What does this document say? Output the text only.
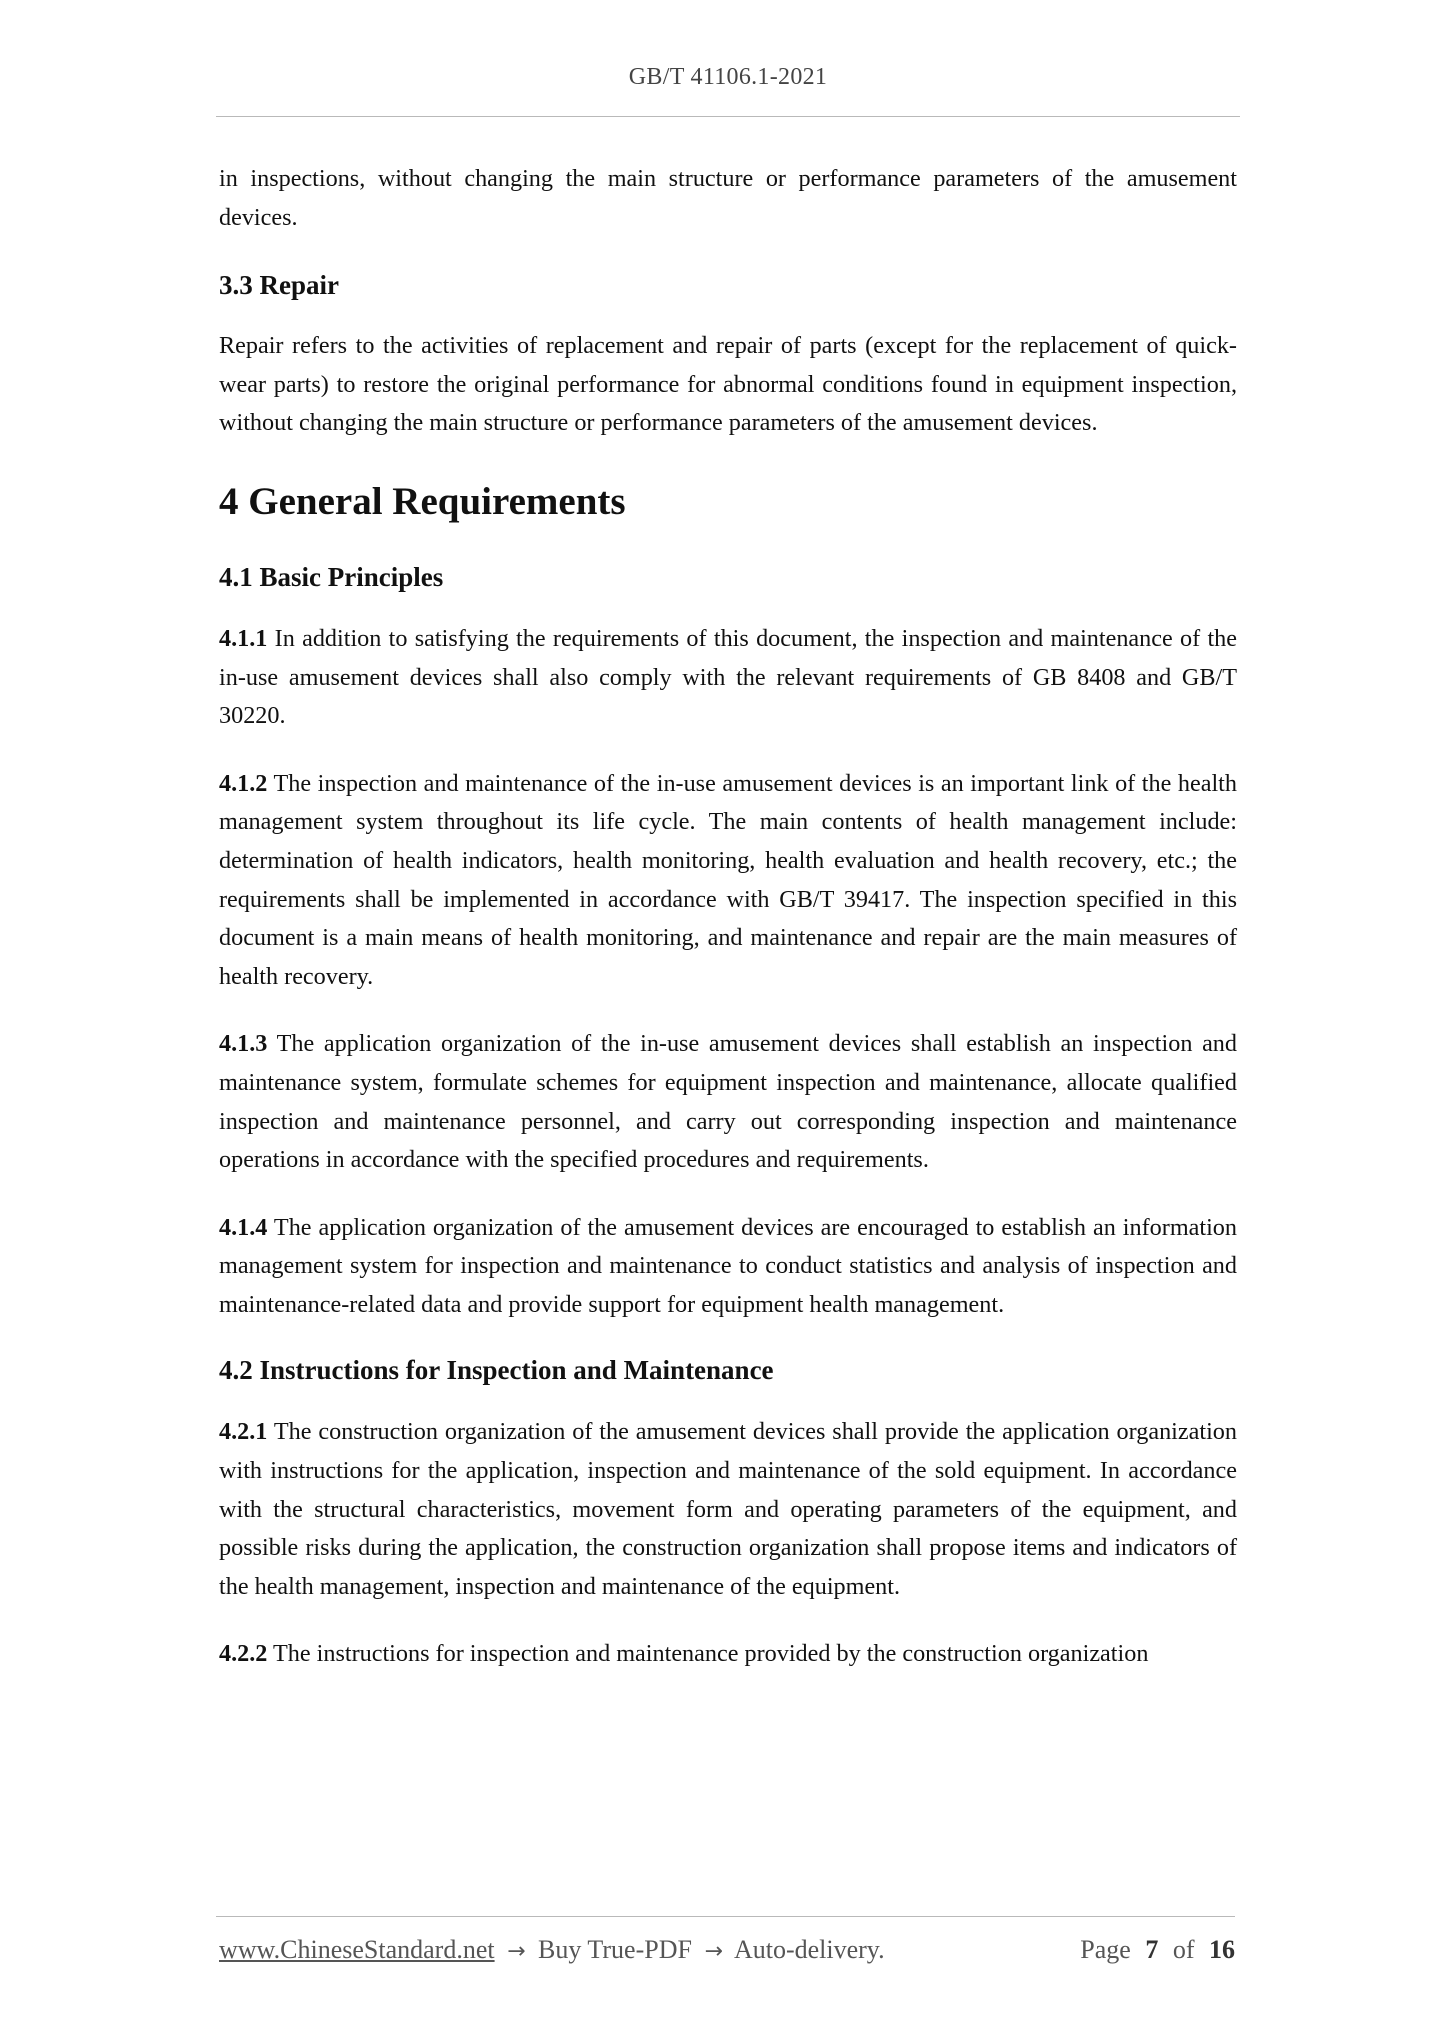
GB/T 41106.1-2021

in inspections, without changing the main structure or performance parameters of the amusement devices.

3.3 Repair

Repair refers to the activities of replacement and repair of parts (except for the replacement of quick-wear parts) to restore the original performance for abnormal conditions found in equipment inspection, without changing the main structure or performance parameters of the amusement devices.

4 General Requirements
4.1 Basic Principles

4.1.1 In addition to satisfying the requirements of this document, the inspection and maintenance of the in-use amusement devices shall also comply with the relevant requirements of GB 8408 and GB/T 30220.

4.1.2 The inspection and maintenance of the in-use amusement devices is an important link of the health management system throughout its life cycle. The main contents of health management include: determination of health indicators, health monitoring, health evaluation and health recovery, etc.; the requirements shall be implemented in accordance with GB/T 39417. The inspection specified in this document is a main means of health monitoring, and maintenance and repair are the main measures of health recovery.

4.1.3 The application organization of the in-use amusement devices shall establish an inspection and maintenance system, formulate schemes for equipment inspection and maintenance, allocate qualified inspection and maintenance personnel, and carry out corresponding inspection and maintenance operations in accordance with the specified procedures and requirements.

4.1.4 The application organization of the amusement devices are encouraged to establish an information management system for inspection and maintenance to conduct statistics and analysis of inspection and maintenance-related data and provide support for equipment health management.

4.2 Instructions for Inspection and Maintenance

4.2.1 The construction organization of the amusement devices shall provide the application organization with instructions for the application, inspection and maintenance of the sold equipment. In accordance with the structural characteristics, movement form and operating parameters of the equipment, and possible risks during the application, the construction organization shall propose items and indicators of the health management, inspection and maintenance of the equipment.

4.2.2 The instructions for inspection and maintenance provided by the construction organization

www.ChineseStandard.net → Buy True-PDF → Auto-delivery.	Page 7 of 16
